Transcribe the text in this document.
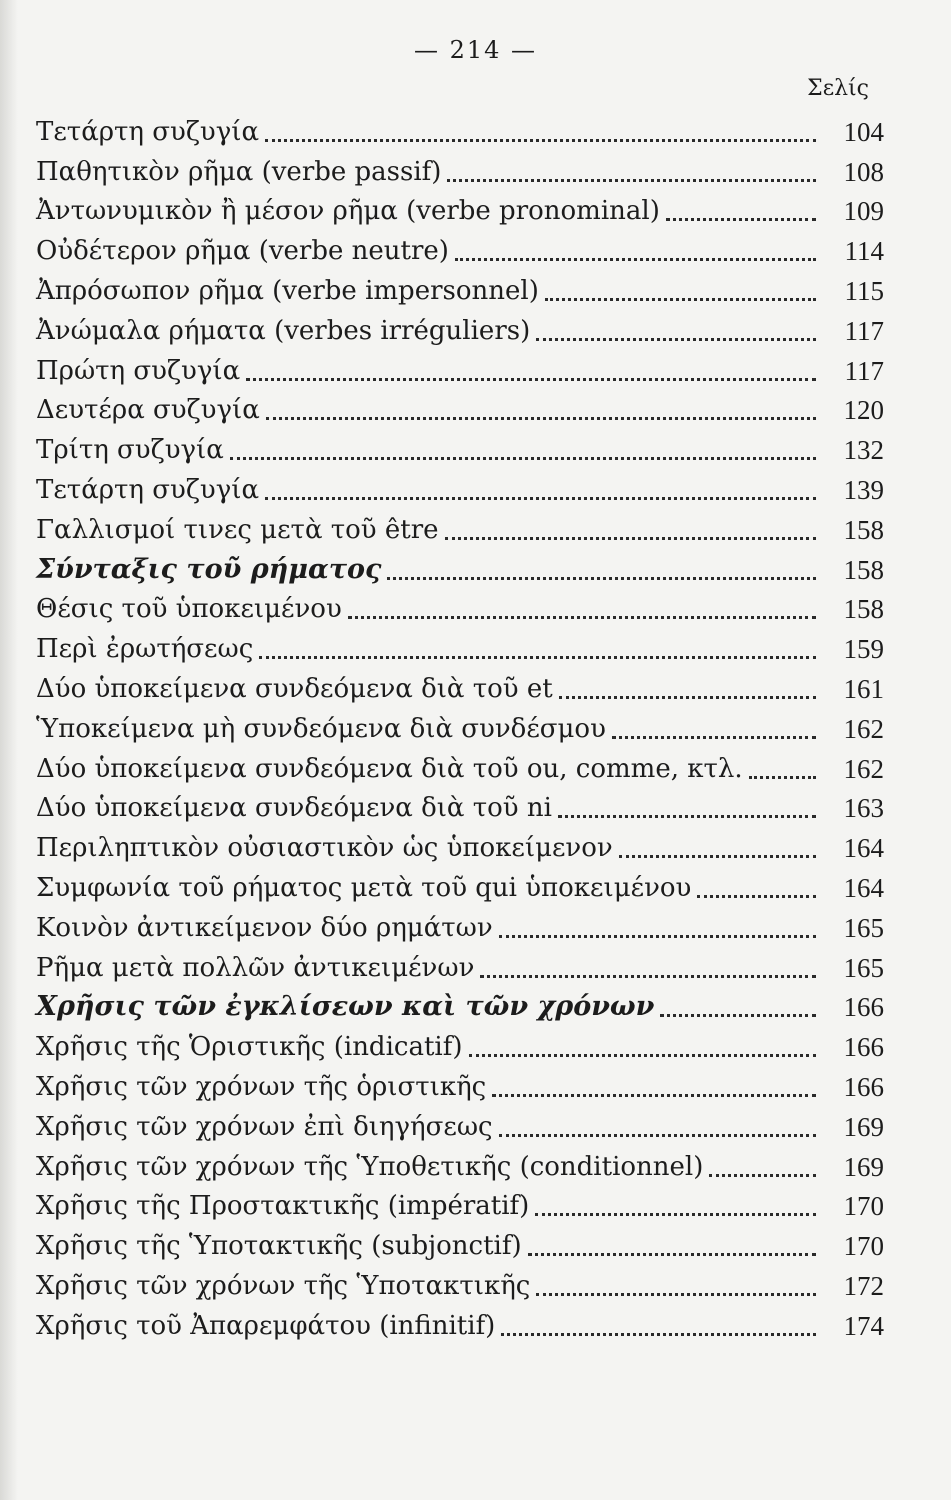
— 214 —
Σελίς
Τετάρτη συζυγία	104
Παθητικὸν ρῆμα (verbe passif)	108
Ἀντωνυμικὸν ἢ μέσον ρῆμα (verbe pronominal)	109
Οὐδέτερον ρῆμα (verbe neutre)	114
Ἀπρόσωπον ρῆμα (verbe impersonnel)	115
Ἀνώμαλα ρήματα (verbes irréguliers)	117
Πρώτη συζυγία	117
Δευτέρα συζυγία	120
Τρίτη συζυγία	132
Τετάρτη συζυγία	139
Γαλλισμοί τινες μετὰ τοῦ être	158
Σύνταξις τοῦ ρήματος	158
Θέσις τοῦ ὑποκειμένου	158
Περὶ ἐρωτήσεως	159
Δύο ὑποκείμενα συνδεόμενα διὰ τοῦ et	161
Ὑποκείμενα μὴ συνδεόμενα διὰ συνδέσμου	162
Δύο ὑποκείμενα συνδεόμενα διὰ τοῦ ou, comme, κτλ.	162
Δύο ὑποκείμενα συνδεόμενα διὰ τοῦ ni	163
Περιληπτικὸν οὐσιαστικὸν ὡς ὑποκείμενον	164
Συμφωνία τοῦ ρήματος μετὰ τοῦ qui ὑποκειμένου	164
Κοινὸν ἀντικείμενον δύο ρημάτων	165
Ρῆμα μετὰ πολλῶν ἀντικειμένων	165
Χρῆσις τῶν ἐγκλίσεων καὶ τῶν χρόνων	166
Χρῆσις τῆς Ὁριστικῆς (indicatif)	166
Χρῆσις τῶν χρόνων τῆς ὁριστικῆς	166
Χρῆσις τῶν χρόνων ἐπὶ διηγήσεως	169
Χρῆσις τῶν χρόνων τῆς Ὑποθετικῆς (conditionnel)	169
Χρῆσις τῆς Προστακτικῆς (impératif)	170
Χρῆσις τῆς Ὑποτακτικῆς (subjonctif)	170
Χρῆσις τῶν χρόνων τῆς Ὑποτακτικῆς	172
Χρῆσις τοῦ Ἀπαρεμφάτου (infinitif)	174
